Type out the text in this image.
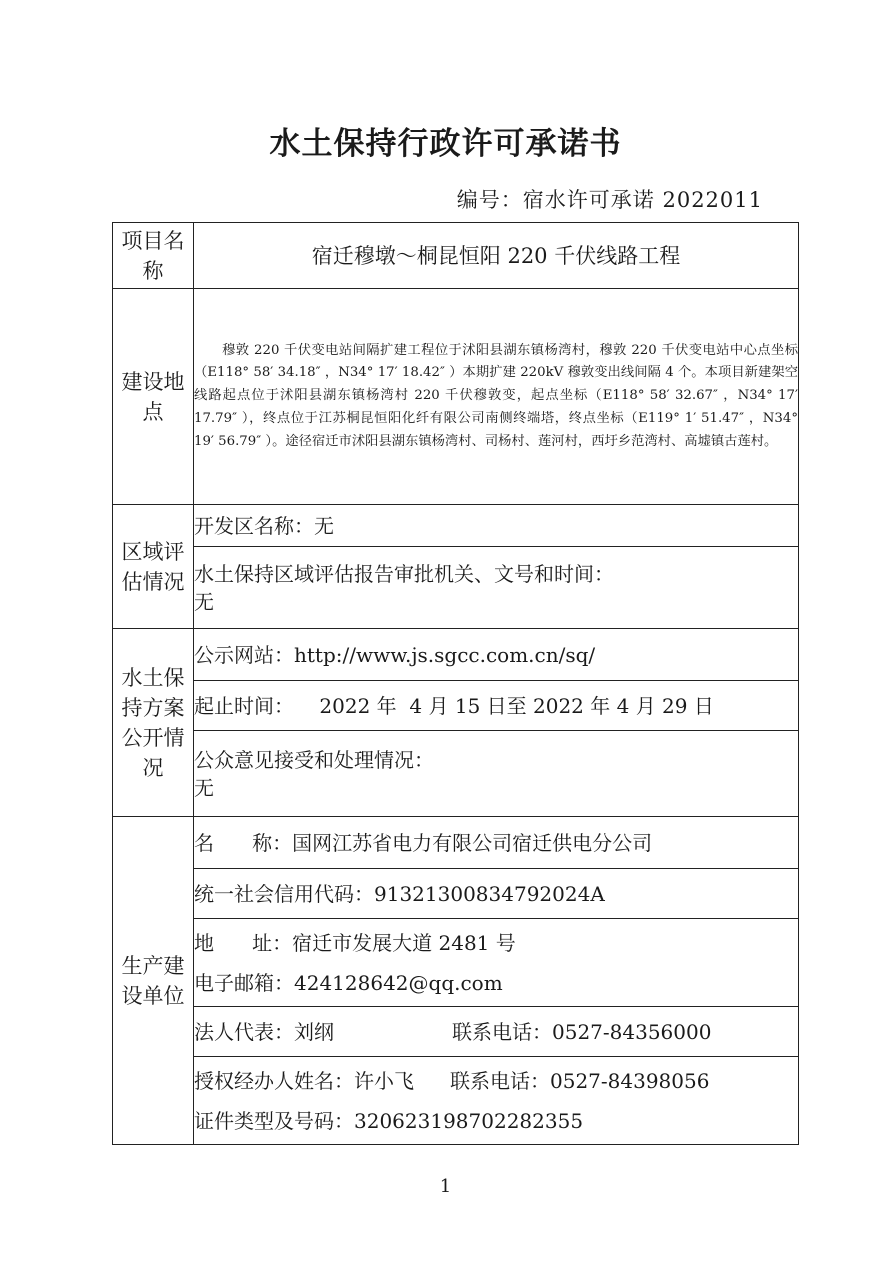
水土保持行政许可承诺书
编号：宿水许可承诺 2022011
项目名称	宿迁穆墩～桐昆恒阳 220 千伏线路工程
建设地点	穆敦 220 千伏变电站间隔扩建工程位于沭阳县湖东镇杨湾村，穆敦 220 千伏变电站中心点坐标（E118° 58′ 34.18″ ，N34° 17′ 18.42″ ）本期扩建 220kV 穆敦变出线间隔 4 个。本项目新建架空线路起点位于沭阳县湖东镇杨湾村 220 千伏穆敦变，起点坐标（E118° 58′ 32.67″ ，N34° 17′ 17.79″ ），终点位于江苏桐昆恒阳化纤有限公司南侧终端塔，终点坐标（E119° 1′ 51.47″ ，N34° 19′ 56.79″ ）。途径宿迁市沭阳县湖东镇杨湾村、司杨村、莲河村，西圩乡范湾村、高墟镇古莲村。
区域评估情况	开发区名称：无

	水土保持区域评估报告审批机关、文号和时间：
无

水土保持方案公开情况	公示网站：http://www.js.sgcc.com.cn/sq/
	起止时间：    2022 年  4 月 15 日至 2022 年 4 月 29 日

	公众意见接受和处理情况：
无

生产建设单位	名      称：国网江苏省电力有限公司宿迁供电分公司
	统一社会信用代码：91321300834792024A

	地      址：宿迁市发展大道 2481 号
电子邮箱：424128642@qq.com

	法人代表：刘纲 联系电话：0527-84356000

	授权经办人姓名：许小飞 联系电话：0527-84398056
证件类型及号码：320623198702282355
1
